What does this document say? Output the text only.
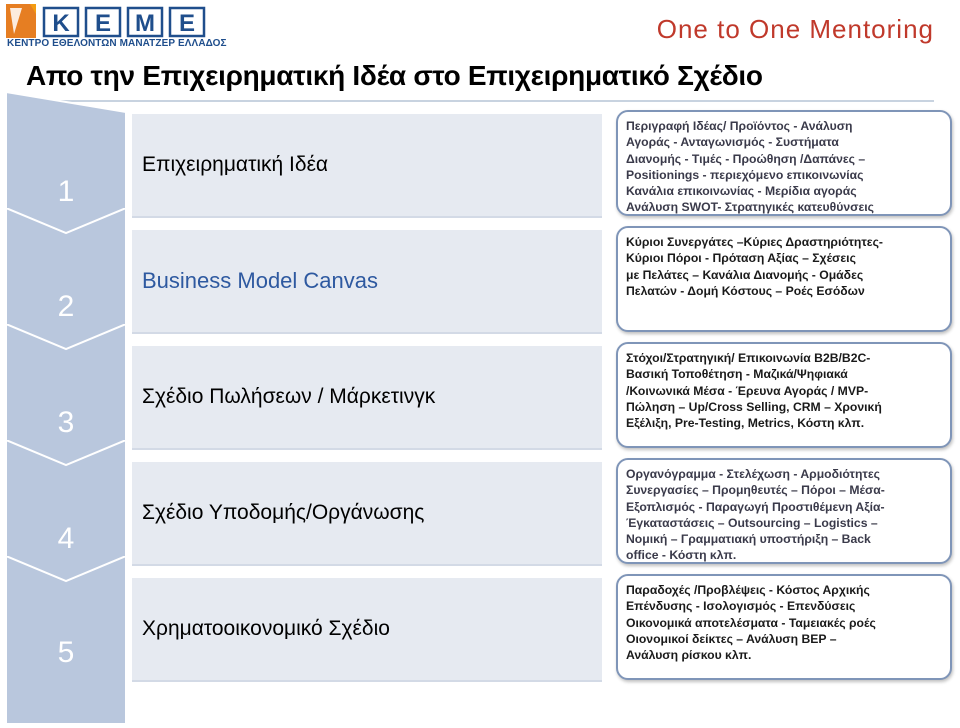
Κ Ε Μ Ε
ΚΕΝΤΡΟ ΕΘΕΛΟΝΤΩΝ ΜΑΝΑΤΖΕΡ ΕΛΛΑΔΟΣ	One to One Mentoring
Απο την Επιχειρηματική Ιδέα στο Επιχειρηματικό Σχέδιο
1
Επιχειρηματική Ιδέα
Περιγραφή Ιδέας/ Προϊόντος - Ανάλυση
Αγοράς - Ανταγωνισμός - Συστήματα
Διανομής - Τιμές - Προώθηση /Δαπάνες –
Positionings - περιεχόμενο επικοινωνίας
Κανάλια επικοινωνίας - Μερίδια αγοράς
Ανάλυση SWOT- Στρατηγικές κατευθύνσεις
2
Business Model Canvas
Κύριοι Συνεργάτες –Κύριες Δραστηριότητες-
Κύριοι Πόροι - Πρόταση Αξίας – Σχέσεις
με Πελάτες – Κανάλια Διανομής - Ομάδες
Πελατών - Δομή Κόστους – Ροές Εσόδων
3
Σχέδιο Πωλήσεων / Μάρκετινγκ
Στόχοι/Στρατηγική/ Επικοινωνία B2B/B2C-
Βασική Τοποθέτηση - Μαζικά/Ψηφιακά
/Κοινωνικά Μέσα - Έρευνα Αγοράς / MVP-
Πώληση – Up/Cross Selling, CRM – Χρονική
Εξέλιξη, Pre-Testing, Metrics, Κόστη κλπ.
4
Σχέδιο Υποδομής/Οργάνωσης
Οργανόγραμμα - Στελέχωση - Αρμοδιότητες
Συνεργασίες – Προμηθευτές – Πόροι – Μέσα-
Εξοπλισμός - Παραγωγή Προστιθέμενη Αξία-
Έγκαταστάσεις – Outsourcing – Logistics –
Νομική – Γραμματιακή υποστήριξη – Back
office - Κόστη κλπ.
5
Χρηματοοικονομικό Σχέδιο
Παραδοχές /Προβλέψεις - Κόστος Αρχικής
Επένδυσης - Ισολογισμός - Επενδύσεις
Οικονομικά αποτελέσματα - Ταμειακές ροές
Οιονομικοί δείκτες – Ανάλυση BEP –
Ανάλυση ρίσκου κλπ.
